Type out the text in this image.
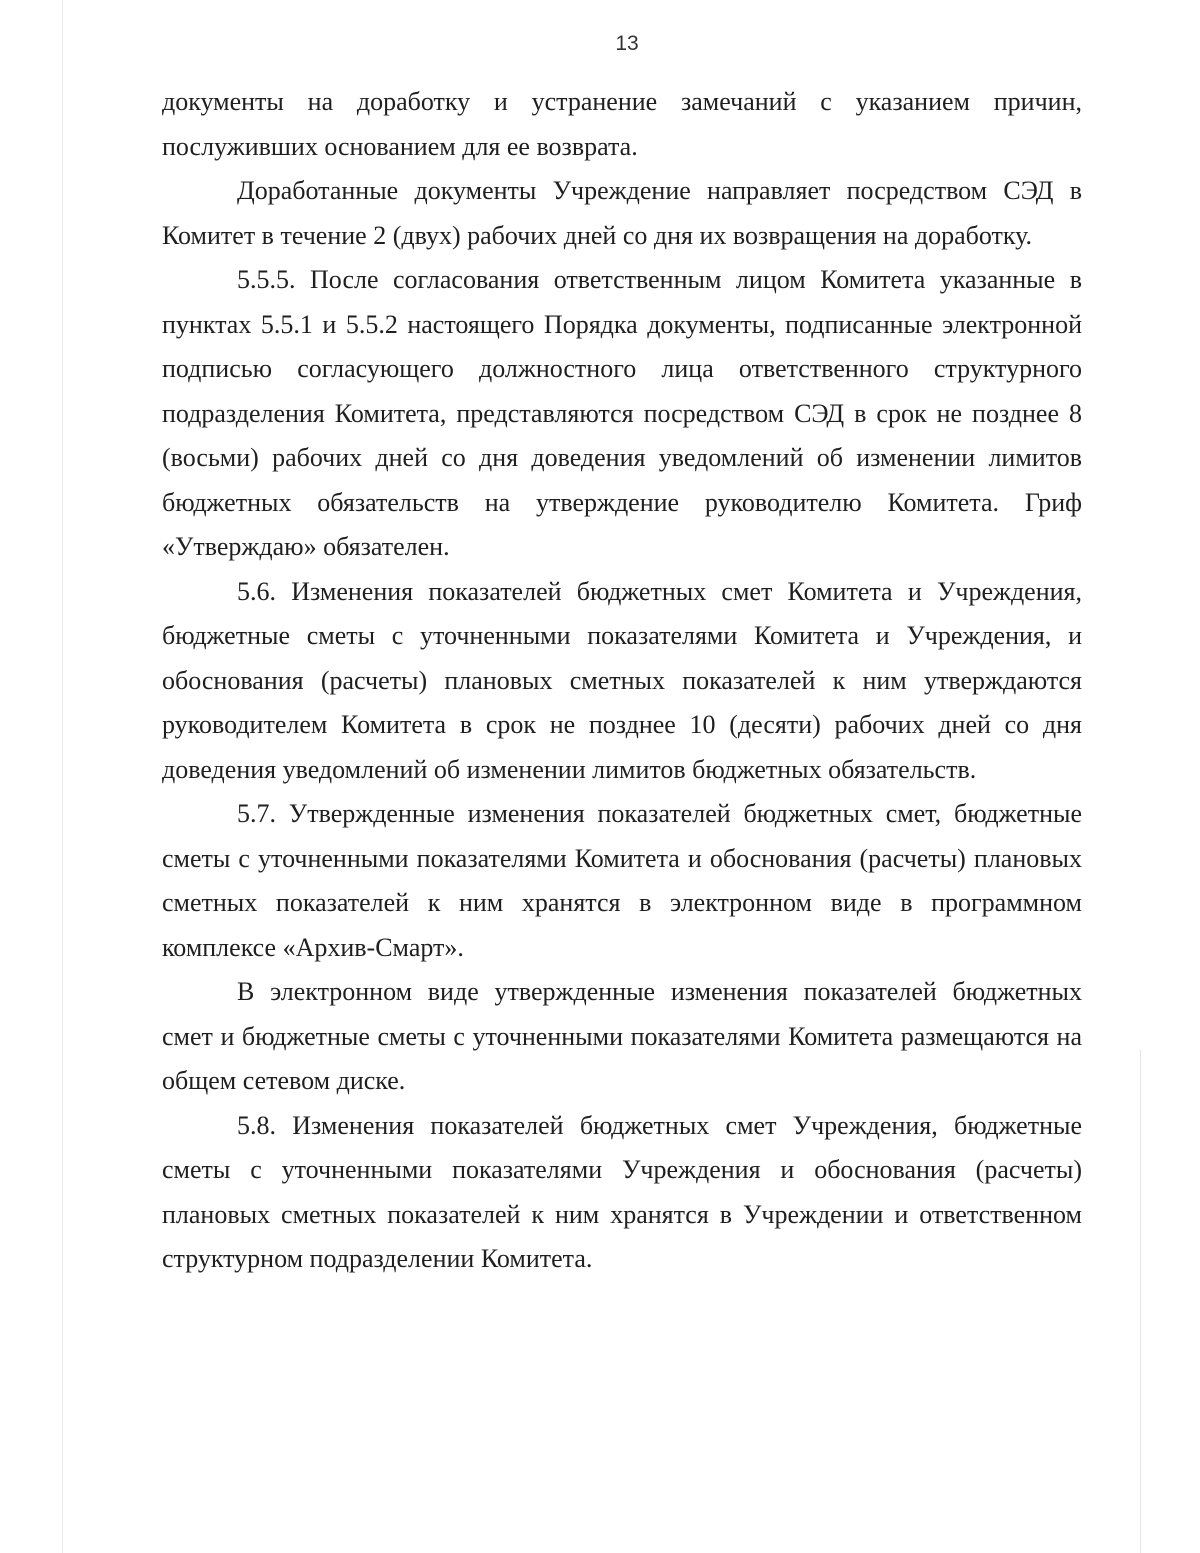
13

документы на доработку и устранение замечаний с указанием причин, послуживших основанием для ее возврата.

Доработанные документы Учреждение направляет посредством СЭД в Комитет в течение 2 (двух) рабочих дней со дня их возвращения на доработку.

5.5.5. После согласования ответственным лицом Комитета указанные в пунктах 5.5.1 и 5.5.2 настоящего Порядка документы, подписанные электронной подписью согласующего должностного лица ответственного структурного подразделения Комитета, представляются посредством СЭД в срок не позднее 8 (восьми) рабочих дней со дня доведения уведомлений об изменении лимитов бюджетных обязательств на утверждение руководителю Комитета. Гриф «Утверждаю» обязателен.

5.6. Изменения показателей бюджетных смет Комитета и Учреждения, бюджетные сметы с уточненными показателями Комитета и Учреждения, и обоснования (расчеты) плановых сметных показателей к ним утверждаются руководителем Комитета в срок не позднее 10 (десяти) рабочих дней со дня доведения уведомлений об изменении лимитов бюджетных обязательств.

5.7. Утвержденные изменения показателей бюджетных смет, бюджетные сметы с уточненными показателями Комитета и обоснования (расчеты) плановых сметных показателей к ним хранятся в электронном виде в программном комплексе «Архив-Смарт».

В электронном виде утвержденные изменения показателей бюджетных смет и бюджетные сметы с уточненными показателями Комитета размещаются на общем сетевом диске.

5.8. Изменения показателей бюджетных смет Учреждения, бюджетные сметы с уточненными показателями Учреждения и обоснования (расчеты) плановых сметных показателей к ним хранятся в Учреждении и ответственном структурном подразделении Комитета.
